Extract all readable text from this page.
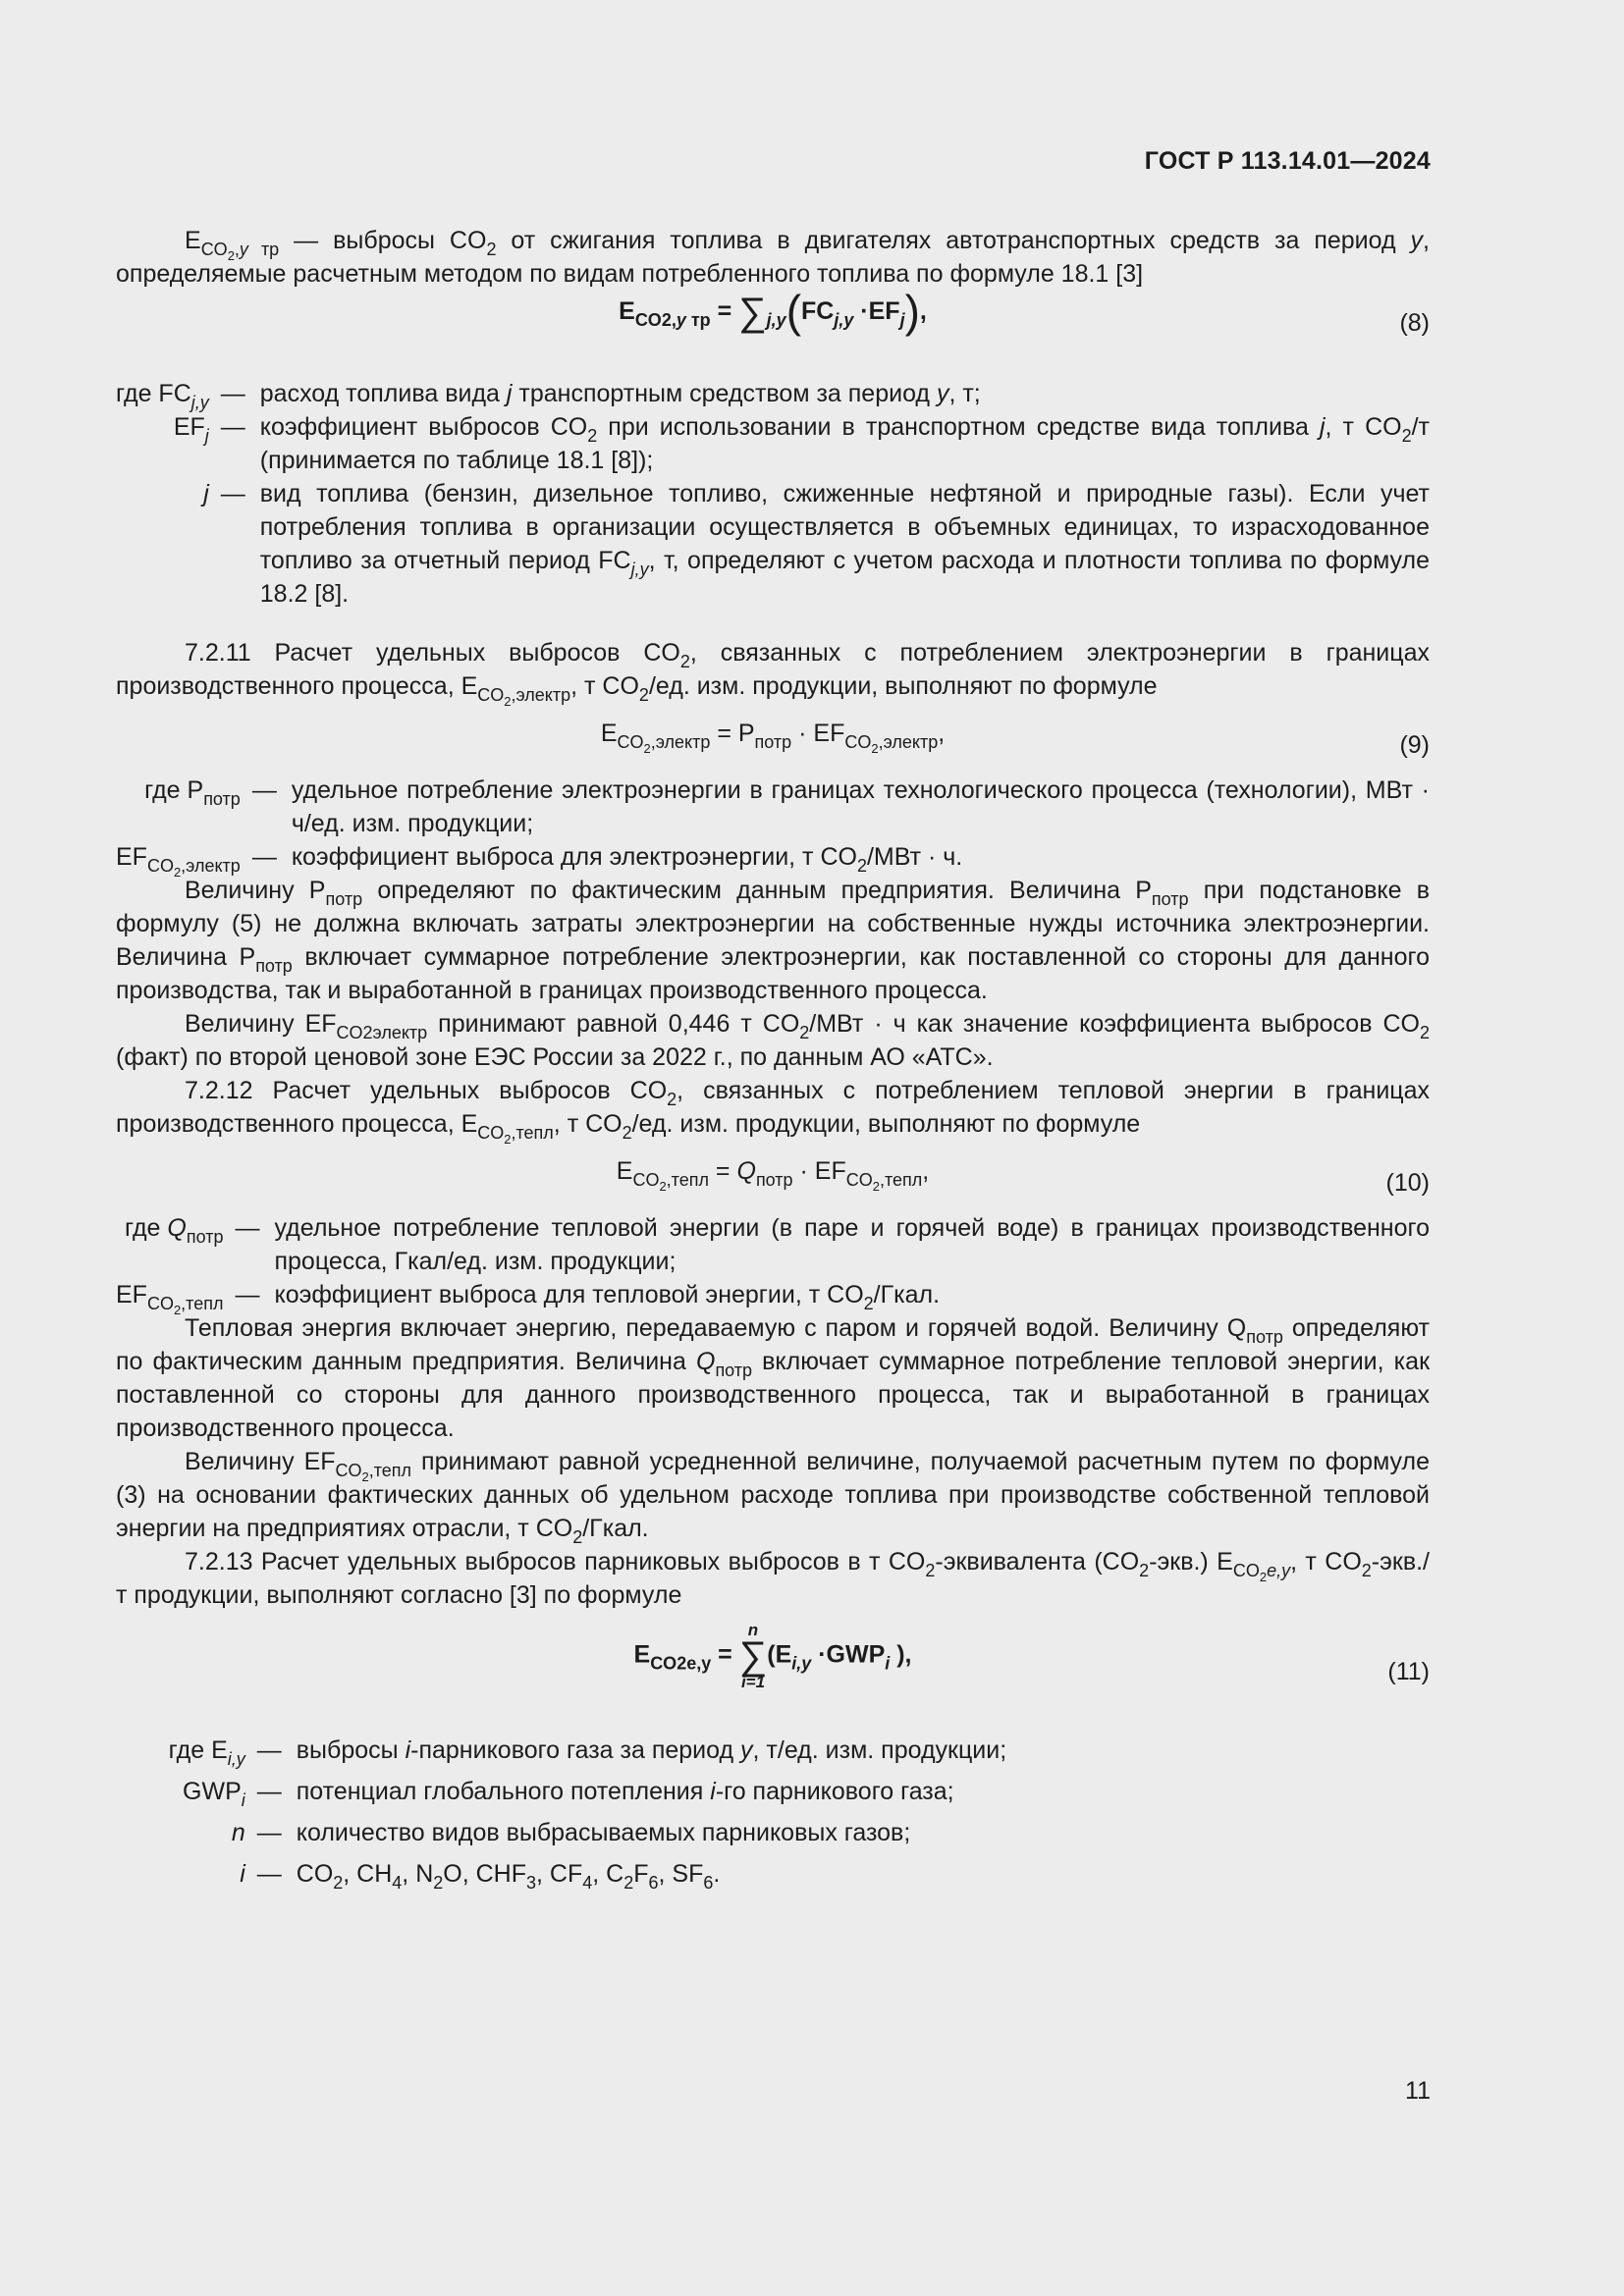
ГОСТ Р 113.14.01—2024

$E_{CO_2,y тр}$ — выбросы $CO_2$ от сжигания топлива в двигателях автотранспортных средств за период y, определяемые расчетным методом по видам потребленного топлива по формуле 18.1 [3]

$E_{CO2,y тр} = \sum_{j,y}(FC_{j,y} \cdot EF_j)$,	(8)
где $FC_{j,y}$	—	расход топлива вида j транспортным средством за период y, т;
$EF_j$	—	коэффициент выбросов $CO_2$ при использовании в транспортном средстве вида топлива j, т $CO_2/т$ (принимается по таблице 18.1 [8]);
j	—	вид топлива (бензин, дизельное топливо, сжиженные нефтяной и природные газы). Если учет потребления топлива в организации осуществляется в объемных единицах, то израсходованное топливо за отчетный период $FC_{j,y}$, т, определяют с учетом расхода и плотности топлива по формуле 18.2 [8].

7.2.11 Расчет удельных выбросов $CO_2$, связанных с потреблением электроэнергии в границах производственного процесса, $E_{CO_2,электр}$, т $CO_2/ед$. изм. продукции, выполняют по формуле

$E_{CO_2,электр} = P_{потр} \cdot EF_{CO_2,электр}$,	(9)
где $P_{потр}$	—	удельное потребление электроэнергии в границах технологического процесса (технологии), МВт · ч/ед. изм. продукции;
$EF_{CO_2,электр}$	—	коэффициент выброса для электроэнергии, т $CO_2$/МВт · ч.

Величину $P_{потр}$ определяют по фактическим данным предприятия. Величина $P_{потр}$ при подстановке в формулу (5) не должна включать затраты электроэнергии на собственные нужды источника электроэнергии. Величина $P_{потр}$ включает суммарное потребление электроэнергии, как поставленной со стороны для данного производства, так и выработанной в границах производственного процесса.

Величину $EF_{CO2электр}$ принимают равной 0,446 т $CO_2$/МВт · ч как значение коэффициента выбросов $CO_2$ (факт) по второй ценовой зоне ЕЭС России за 2022 г., по данным АО «АТС».

7.2.12 Расчет удельных выбросов $CO_2$, связанных с потреблением тепловой энергии в границах производственного процесса, $E_{CO_2,тепл}$, т $CO_2/ед$. изм. продукции, выполняют по формуле

$E_{CO_2,тепл} = Q_{потр} \cdot EF_{CO_2,тепл}$,	(10)
где $Q_{потр}$	—	удельное потребление тепловой энергии (в паре и горячей воде) в границах производственного процесса, Гкал/ед. изм. продукции;
$EF_{CO_2,тепл}$	—	коэффициент выброса для тепловой энергии, т $CO_2$/Гкал.

Тепловая энергия включает энергию, передаваемую с паром и горячей водой. Величину $Q_{потр}$ определяют по фактическим данным предприятия. Величина $Q_{потр}$ включает суммарное потребление тепловой энергии, как поставленной со стороны для данного производственного процесса, так и выработанной в границах производственного процесса.

Величину $EF_{CO_2,тепл}$ принимают равной усредненной величине, получаемой расчетным путем по формуле (3) на основании фактических данных об удельном расходе топлива при производстве собственной тепловой энергии на предприятиях отрасли, т $CO_2$/Гкал.

7.2.13 Расчет удельных выбросов парниковых выбросов в т $CO_2$-эквивалента $(CO_2-экв.)$ $E_{CO_2e,y}$, т $CO_2-экв./$ т продукции, выполняют согласно [3] по формуле

$E_{CO2e,y}$ =
n
∑
i=1
($E_{i,y} \cdot GWP_i$ ),
(11)
где $E_{i,y}$	—	выбросы i-парникового газа за период y, т/ед. изм. продукции;
$GWP_i$	—	потенциал глобального потепления i-го парникового газа;
n	—	количество видов выбрасываемых парниковых газов;
i	—	$CO_2$, $CH_4$, $N_2O$, $CHF_3$, $CF_4$, $C_2F_6$, $SF_6$.
11
